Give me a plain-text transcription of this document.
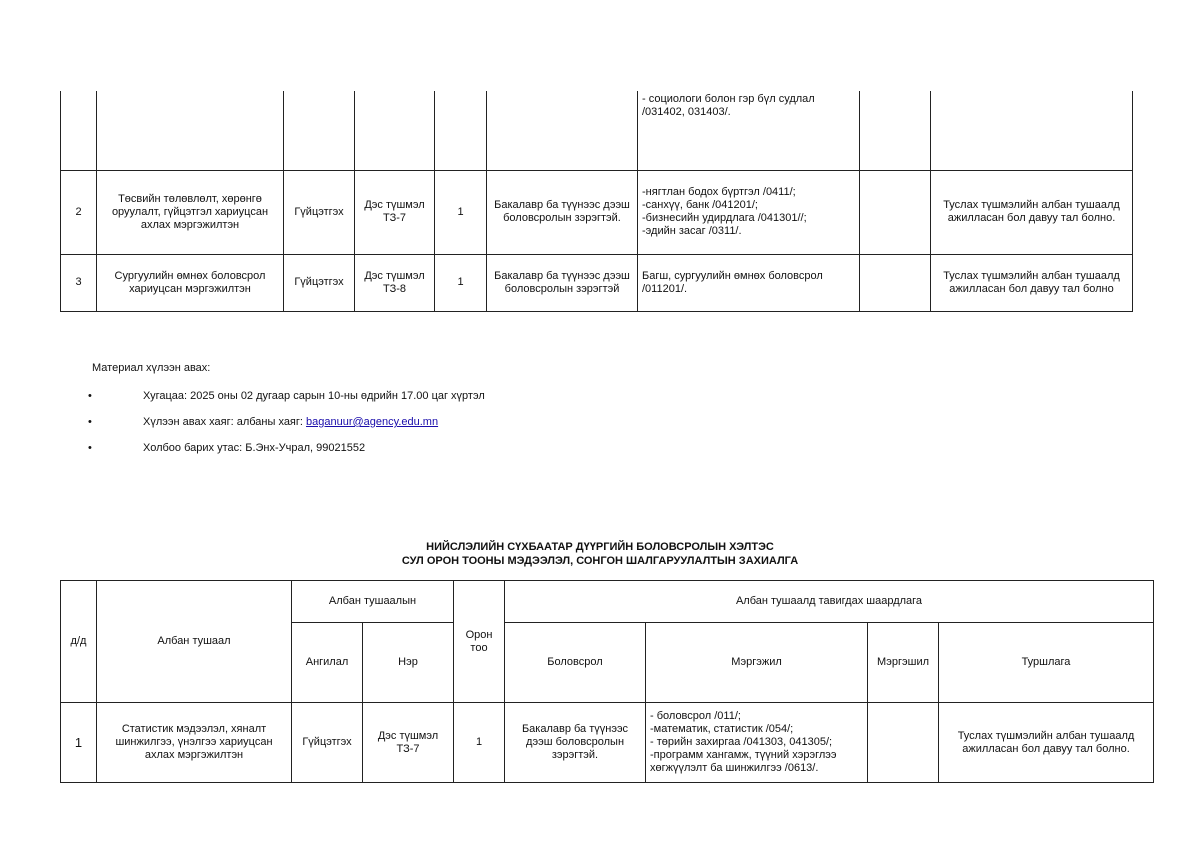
						- социологи болон гэр бүл судлал
/031402, 031403/.		
2	Төсвийн төлөвлөлт, хөрөнгө оруулалт, гүйцэтгэл хариуцсан ахлах мэргэжилтэн	Гүйцэтгэх	Дэс түшмэл
ТЗ-7	1	Бакалавр ба түүнээс дээш боловсролын зэрэгтэй.	-нягтлан бодох бүртгэл /0411/;
-санхүү, банк /041201/;
-бизнесийн удирдлага /041301//;
-эдийн засаг /0311/.		Туслах түшмэлийн албан тушаалд ажилласан бол давуу тал болно.
3	Сургуулийн өмнөх боловсрол хариуцсан мэргэжилтэн	Гүйцэтгэх	Дэс түшмэл
ТЗ-8	1	Бакалавр ба түүнээс дээш боловсролын зэрэгтэй	Багш, сургуулийн өмнөх боловсрол
/011201/.		Туслах түшмэлийн албан тушаалд ажилласан бол давуу тал болно
Материал хүлээн авах:
•	Хугацаа: 2025 оны 02 дугаар сарын 10-ны өдрийн 17.00 цаг хүртэл
•	Хүлээн авах хаяг: албаны хаяг: baganuur@agency.edu.mn
•	Холбоо барих утас: Б.Энх-Учрал, 99021552
НИЙСЛЭЛИЙН СҮХБААТАР ДҮҮРГИЙН БОЛОВСРОЛЫН ХЭЛТЭС
СУЛ ОРОН ТООНЫ МЭДЭЭЛЭЛ, СОНГОН ШАЛГАРУУЛАЛТЫН ЗАХИАЛГА
д/д	Албан тушаал	Албан тушаалын		Орон
тоо	Албан тушаалд тавигдах шаардлага			
		Ангилал	Нэр		Боловсрол	Мэргэжил	Мэргэшил	Туршлага
1	Статистик мэдээлэл, хяналт шинжилгээ, үнэлгээ хариуцсан ахлах мэргэжилтэн	Гүйцэтгэх	Дэс түшмэл
ТЗ-7	1	Бакалавр ба түүнээс дээш боловсролын зэрэгтэй.	- боловсрол /011/;
-математик, статистик /054/;
- төрийн захиргаа /041303, 041305/;
-программ хангамж, түүний хэрэглээ хөгжүүлэлт ба шинжилгээ /0613/.		Туслах түшмэлийн албан тушаалд ажилласан бол давуу тал болно.
